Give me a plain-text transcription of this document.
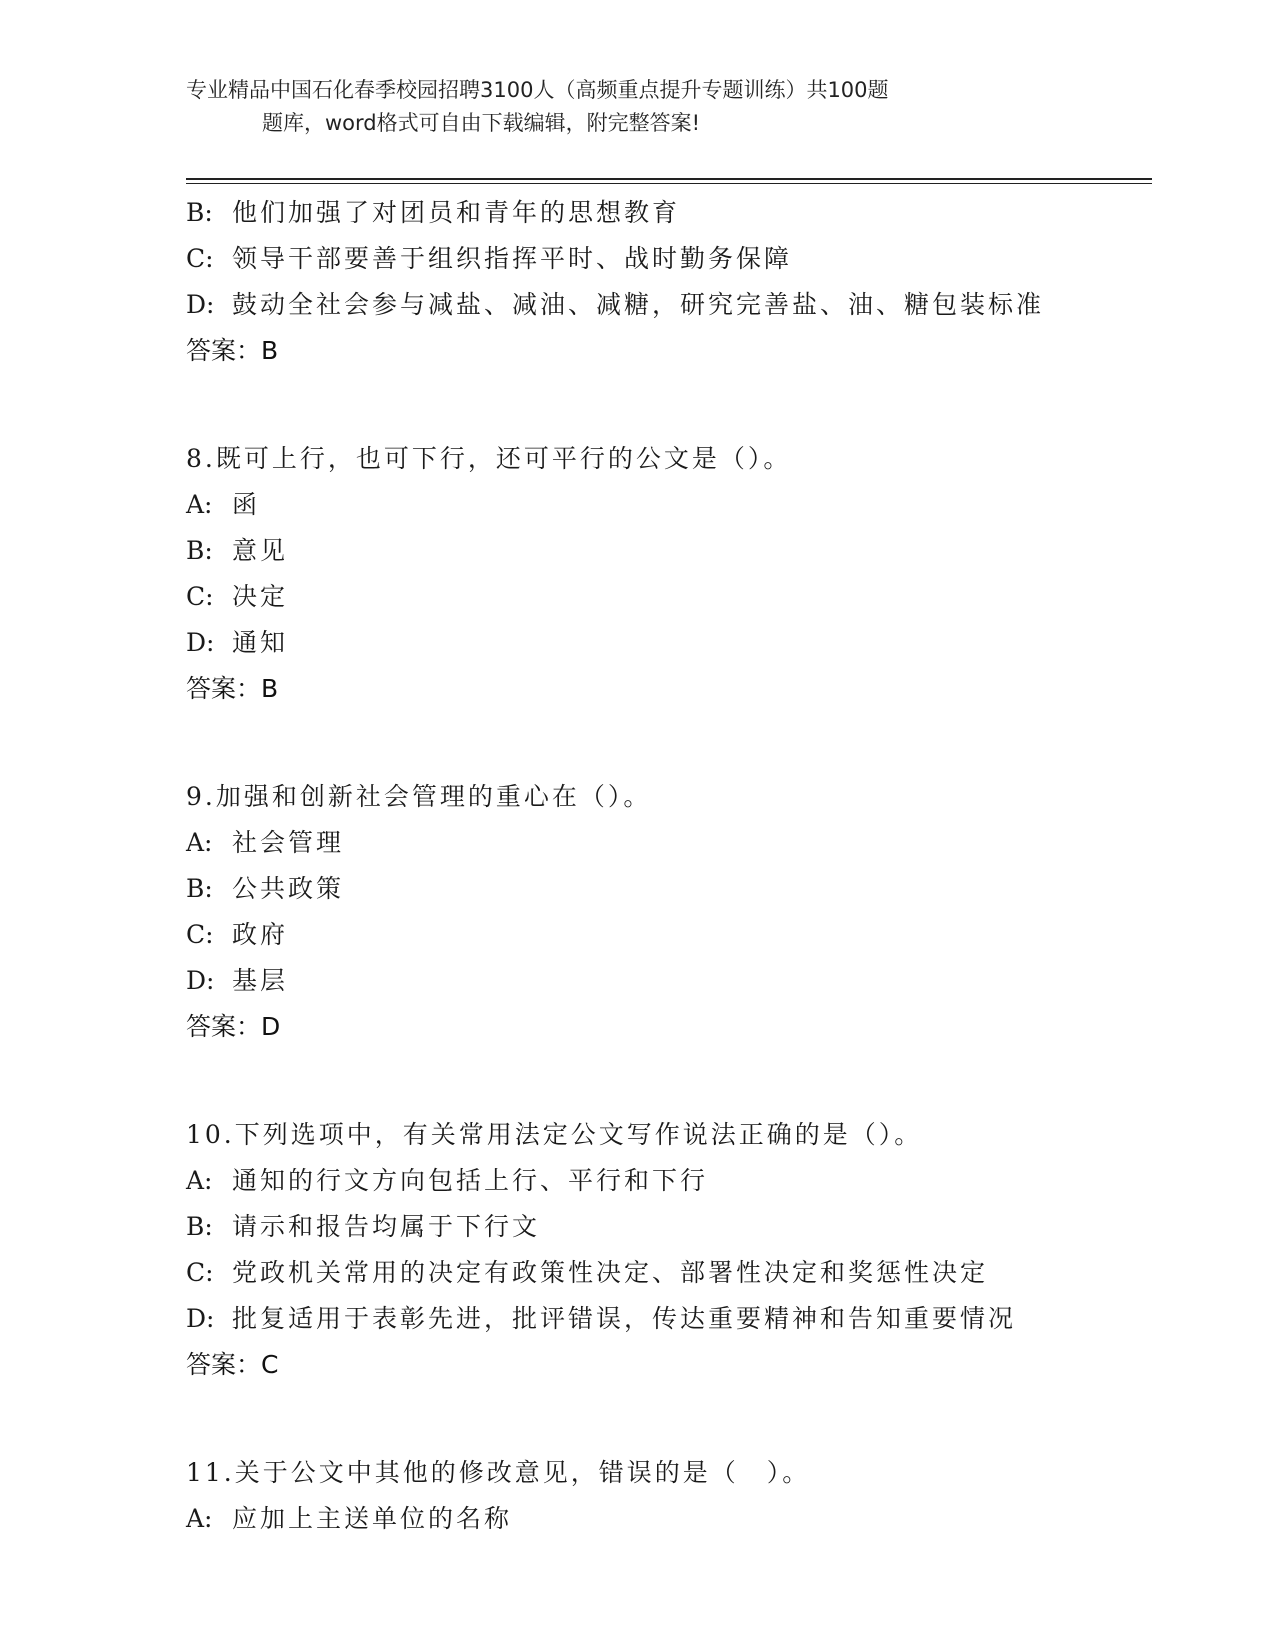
专业精品中国石化春季校园招聘3100人（高频重点提升专题训练）共100题
题库，word格式可自由下载编辑，附完整答案!
B: 他们加强了对团员和青年的思想教育
C: 领导干部要善于组织指挥平时、战时勤务保障
D: 鼓动全社会参与减盐、减油、减糖，研究完善盐、油、糖包装标准
答案：B
8.既可上行，也可下行，还可平行的公文是（）。
A: 函
B: 意见
C: 决定
D: 通知
答案：B
9.加强和创新社会管理的重心在（）。
A: 社会管理
B: 公共政策
C: 政府
D: 基层
答案：D
10.下列选项中，有关常用法定公文写作说法正确的是（）。
A: 通知的行文方向包括上行、平行和下行
B: 请示和报告均属于下行文
C: 党政机关常用的决定有政策性决定、部署性决定和奖惩性决定
D: 批复适用于表彰先进，批评错误，传达重要精神和告知重要情况
答案：C
11.关于公文中其他的修改意见，错误的是（　）。
A: 应加上主送单位的名称
